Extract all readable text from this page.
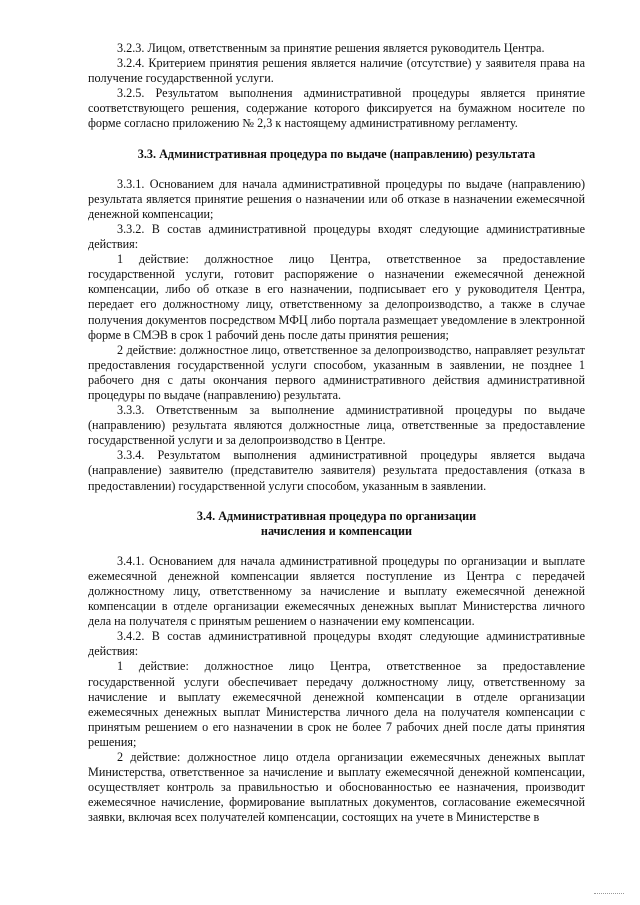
3.2.3. Лицом, ответственным за принятие решения является руководитель Центра.

3.2.4. Критерием принятия решения является наличие (отсутствие) у заявителя права на получение государственной услуги.

3.2.5. Результатом выполнения административной процедуры является принятие соответствующего решения, содержание которого фиксируется на бумажном носителе по форме согласно приложению № 2,3 к настоящему административному регламенту.

3.3. Административная процедура по выдаче (направлению) результата

3.3.1. Основанием для начала административной процедуры по выдаче (направлению) результата является принятие решения о назначении или об отказе в назначении ежемесячной денежной компенсации;

3.3.2. В состав административной процедуры входят следующие административные действия:

1 действие: должностное лицо Центра, ответственное за предоставление государственной услуги, готовит распоряжение о назначении ежемесячной денежной компенсации, либо об отказе в его назначении, подписывает его у руководителя Центра, передает его должностному лицу, ответственному за делопроизводство, а также в случае получения документов посредством МФЦ либо портала размещает уведомление в электронной форме в СМЭВ в срок 1 рабочий день после даты принятия решения;

2 действие: должностное лицо, ответственное за делопроизводство, направляет результат предоставления государственной услуги способом, указанным в заявлении, не позднее 1 рабочего дня с даты окончания первого административного действия административной процедуры по выдаче (направлению) результата.

3.3.3. Ответственным за выполнение административной процедуры по выдаче (направлению) результата являются должностные лица, ответственные за предоставление государственной услуги и за делопроизводство в Центре.

3.3.4. Результатом выполнения административной процедуры является выдача (направление) заявителю (представителю заявителя) результата предоставления (отказа в предоставлении) государственной услуги способом, указанным в заявлении.

3.4. Административная процедура по организации

начисления и компенсации

3.4.1. Основанием для начала административной процедуры по организации и выплате ежемесячной денежной компенсации является поступление из Центра с передачей должностному лицу, ответственному за начисление и выплату ежемесячной денежной компенсации в отделе организации ежемесячных денежных выплат Министерства личного дела на получателя с принятым решением о назначении ему компенсации.

3.4.2. В состав административной процедуры входят следующие административные действия:

1 действие: должностное лицо Центра, ответственное за предоставление государственной услуги обеспечивает передачу должностному лицу, ответственному за начисление и выплату ежемесячной денежной компенсации в отделе организации ежемесячных денежных выплат Министерства личного дела на получателя компенсации с принятым решением о его назначении в срок не более 7 рабочих дней после даты принятия решения;

2 действие: должностное лицо отдела организации ежемесячных денежных выплат Министерства, ответственное за начисление и выплату ежемесячной денежной компенсации, осуществляет контроль за правильностью и обоснованностью ее назначения, производит ежемесячное начисление, формирование выплатных документов, согласование ежемесячной заявки, включая всех получателей компенсации, состоящих на учете в Министерстве в
